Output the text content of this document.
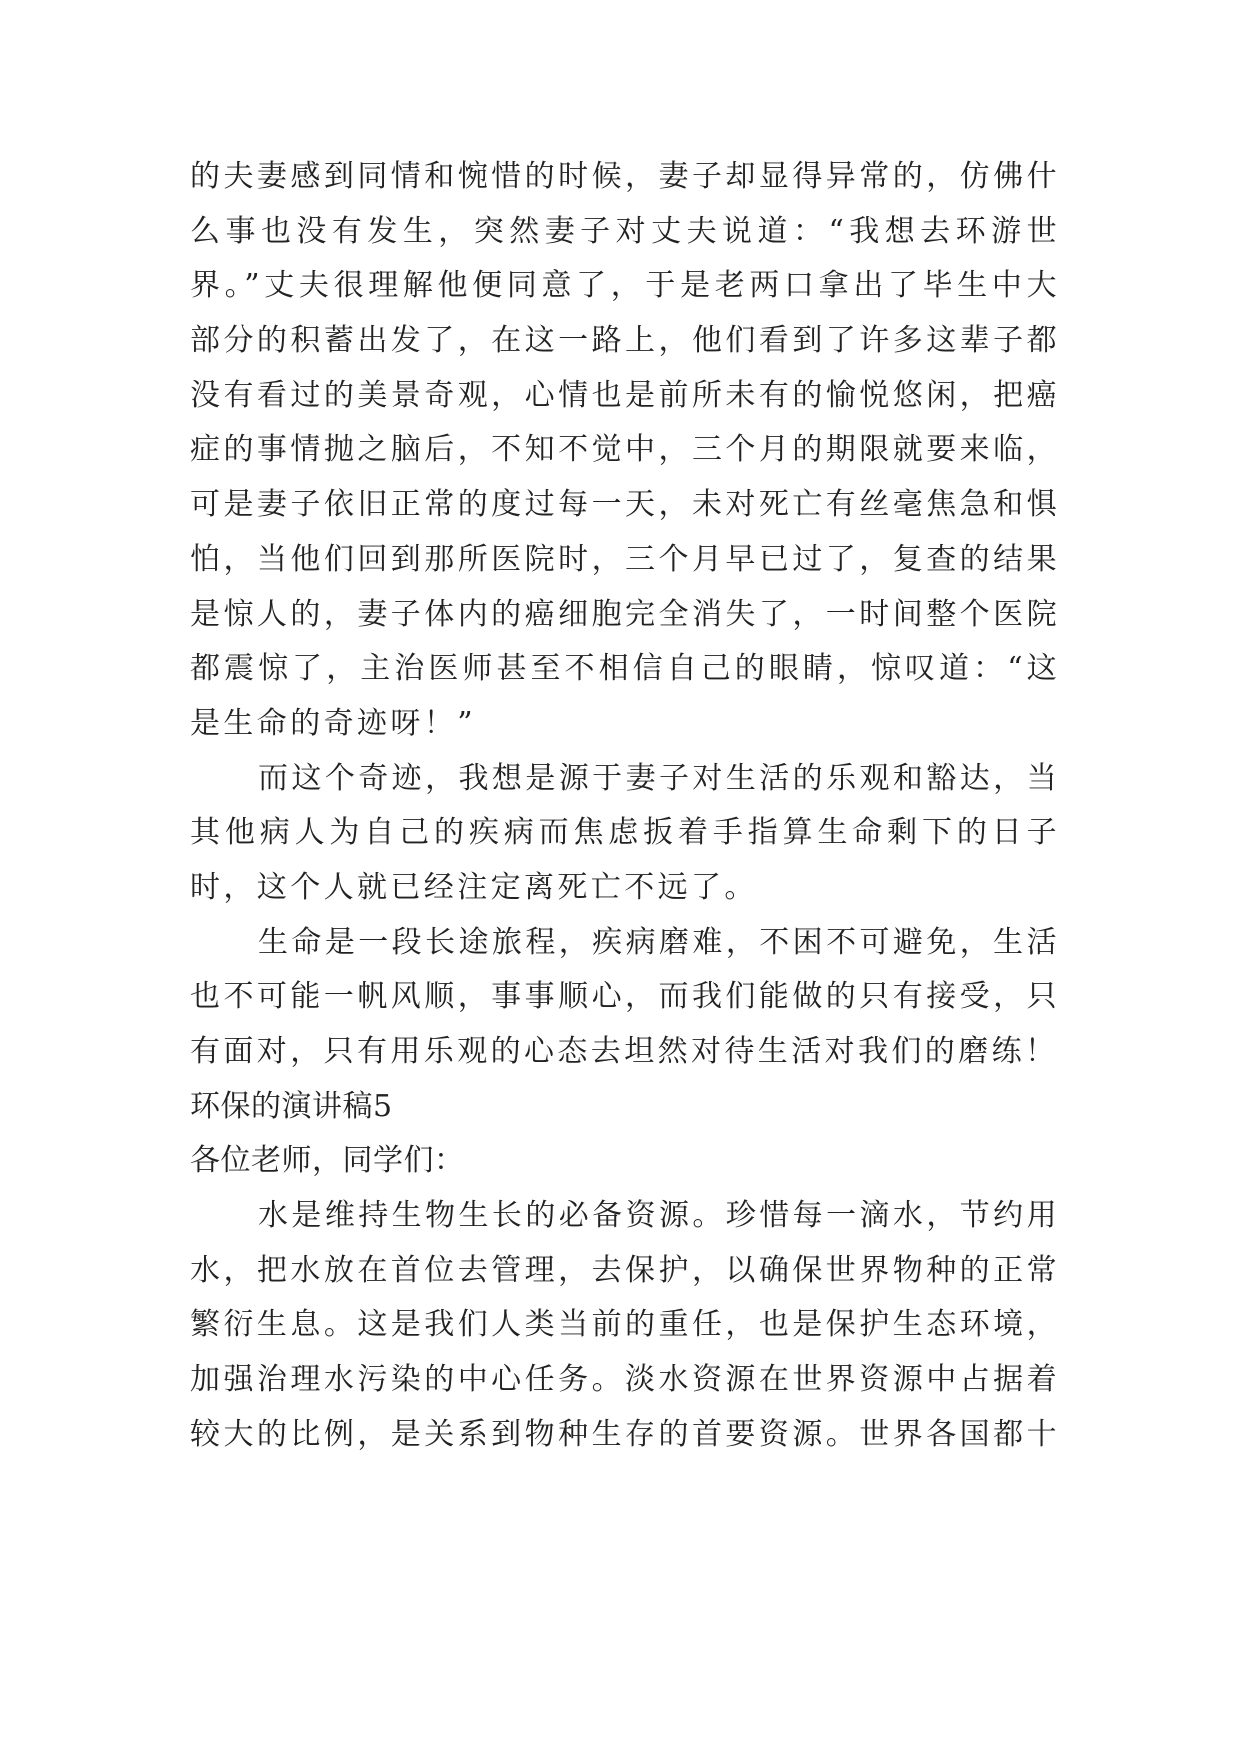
的夫妻感到同情和惋惜的时候，妻子却显得异常的，仿佛什
么事也没有发生，突然妻子对丈夫说道：“我想去环游世
界。”丈夫很理解他便同意了，于是老两口拿出了毕生中大
部分的积蓄出发了，在这一路上，他们看到了许多这辈子都
没有看过的美景奇观，心情也是前所未有的愉悦悠闲，把癌
症的事情抛之脑后，不知不觉中，三个月的期限就要来临，
可是妻子依旧正常的度过每一天，未对死亡有丝毫焦急和惧
怕，当他们回到那所医院时，三个月早已过了，复查的结果
是惊人的，妻子体内的癌细胞完全消失了，一时间整个医院
都震惊了，主治医师甚至不相信自己的眼睛，惊叹道：“这
是生命的奇迹呀！”
而这个奇迹，我想是源于妻子对生活的乐观和豁达，当
其他病人为自己的疾病而焦虑扳着手指算生命剩下的日子
时，这个人就已经注定离死亡不远了。
生命是一段长途旅程，疾病磨难，不困不可避免，生活
也不可能一帆风顺，事事顺心，而我们能做的只有接受，只
有面对，只有用乐观的心态去坦然对待生活对我们的磨练！
环保的演讲稿5
各位老师，同学们：
水是维持生物生长的必备资源。珍惜每一滴水，节约用
水，把水放在首位去管理，去保护，以确保世界物种的正常
繁衍生息。这是我们人类当前的重任，也是保护生态环境，
加强治理水污染的中心任务。淡水资源在世界资源中占据着
较大的比例，是关系到物种生存的首要资源。世界各国都十
